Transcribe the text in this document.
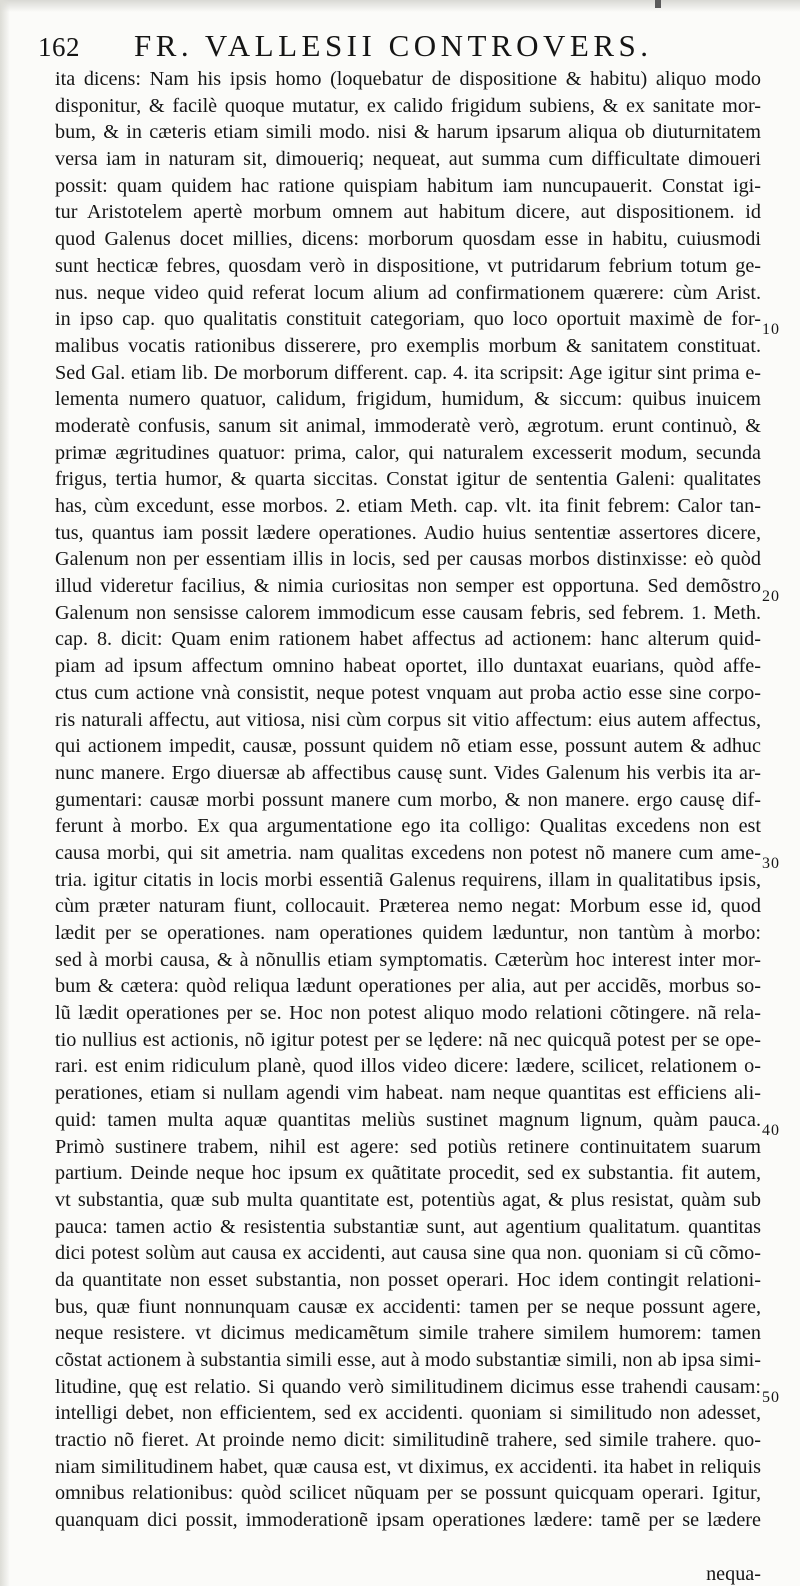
162 FR. VALLESII CONTROVERS.
ita dicens: Nam his ipsis homo (loquebatur de dispositione & habitu) aliquo modo
disponitur, & facilè quoque mutatur, ex calido frigidum subiens, & ex sanitate mor-
bum, & in cæteris etiam simili modo. nisi & harum ipsarum aliqua ob diuturnitatem
versa iam in naturam sit, dimoueriq; nequeat, aut summa cum difficultate dimoueri
possit: quam quidem hac ratione quispiam habitum iam nuncupauerit. Constat igi-
tur Aristotelem apertè morbum omnem aut habitum dicere, aut dispositionem. id
quod Galenus docet millies, dicens: morborum quosdam esse in habitu, cuiusmodi
sunt hecticæ febres, quosdam verò in dispositione, vt putridarum febrium totum ge-
nus. neque video quid referat locum alium ad confirmationem quærere: cùm Arist.
in ipso cap. quo qualitatis constituit categoriam, quo loco oportuit maximè de for-
malibus vocatis rationibus disserere, pro exemplis morbum & sanitatem constituat.
Sed Gal. etiam lib. De morborum different. cap. 4. ita scripsit: Age igitur sint prima e-
lementa numero quatuor, calidum, frigidum, humidum, & siccum: quibus inuicem
moderatè confusis, sanum sit animal, immoderatè verò, ægrotum. erunt continuò, &
primæ ægritudines quatuor: prima, calor, qui naturalem excesserit modum, secunda
frigus, tertia humor, & quarta siccitas. Constat igitur de sententia Galeni: qualitates
has, cùm excedunt, esse morbos. 2. etiam Meth. cap. vlt. ita finit febrem: Calor tan-
tus, quantus iam possit lædere operationes. Audio huius sententiæ assertores dicere,
Galenum non per essentiam illis in locis, sed per causas morbos distinxisse: eò quòd
illud videretur facilius, & nimia curiositas non semper est opportuna. Sed demõstro
Galenum non sensisse calorem immodicum esse causam febris, sed febrem. 1. Meth.
cap. 8. dicit: Quam enim rationem habet affectus ad actionem: hanc alterum quid-
piam ad ipsum affectum omnino habeat oportet, illo duntaxat euarians, quòd affe-
ctus cum actione vnà consistit, neque potest vnquam aut proba actio esse sine corpo-
ris naturali affectu, aut vitiosa, nisi cùm corpus sit vitio affectum: eius autem affectus,
qui actionem impedit, causæ, possunt quidem nõ etiam esse, possunt autem & adhuc
nunc manere. Ergo diuersæ ab affectibus causę sunt. Vides Galenum his verbis ita ar-
gumentari: causæ morbi possunt manere cum morbo, & non manere. ergo causę dif-
ferunt à morbo. Ex qua argumentatione ego ita colligo: Qualitas excedens non est
causa morbi, qui sit ametria. nam qualitas excedens non potest nõ manere cum ame-
tria. igitur citatis in locis morbi essentiã Galenus requirens, illam in qualitatibus ipsis,
cùm præter naturam fiunt, collocauit. Præterea nemo negat: Morbum esse id, quod
lædit per se operationes. nam operationes quidem læduntur, non tantùm à morbo:
sed à morbi causa, & à nõnullis etiam symptomatis. Cæterùm hoc interest inter mor-
bum & cætera: quòd reliqua lædunt operationes per alia, aut per accidẽs, morbus so-
lũ lædit operationes per se. Hoc non potest aliquo modo relationi cõtingere. nã rela-
tio nullius est actionis, nõ igitur potest per se lędere: nã nec quicquã potest per se ope-
rari. est enim ridiculum planè, quod illos video dicere: lædere, scilicet, relationem o-
perationes, etiam si nullam agendi vim habeat. nam neque quantitas est efficiens ali-
quid: tamen multa aquæ quantitas meliùs sustinet magnum lignum, quàm pauca.
Primò sustinere trabem, nihil est agere: sed potiùs retinere continuitatem suarum
partium. Deinde neque hoc ipsum ex quãtitate procedit, sed ex substantia. fit autem,
vt substantia, quæ sub multa quantitate est, potentiùs agat, & plus resistat, quàm sub
pauca: tamen actio & resistentia substantiæ sunt, aut agentium qualitatum. quantitas
dici potest solùm aut causa ex accidenti, aut causa sine qua non. quoniam si cũ cõmo-
da quantitate non esset substantia, non posset operari. Hoc idem contingit relationi-
bus, quæ fiunt nonnunquam causæ ex accidenti: tamen per se neque possunt agere,
neque resistere. vt dicimus medicamẽtum simile trahere similem humorem: tamen
cõstat actionem à substantia simili esse, aut à modo substantiæ simili, non ab ipsa simi-
litudine, quę est relatio. Si quando verò similitudinem dicimus esse trahendi causam:
intelligi debet, non efficientem, sed ex accidenti. quoniam si similitudo non adesset,
tractio nõ fieret. At proinde nemo dicit: similitudinẽ trahere, sed simile trahere. quo-
niam similitudinem habet, quæ causa est, vt diximus, ex accidenti. ita habet in reliquis
omnibus relationibus: quòd scilicet nũquam per se possunt quicquam operari. Igitur,
quanquam dici possit, immoderationẽ ipsam operationes lædere: tamẽ per se lædere
nequa-
10
20
30
40
50
